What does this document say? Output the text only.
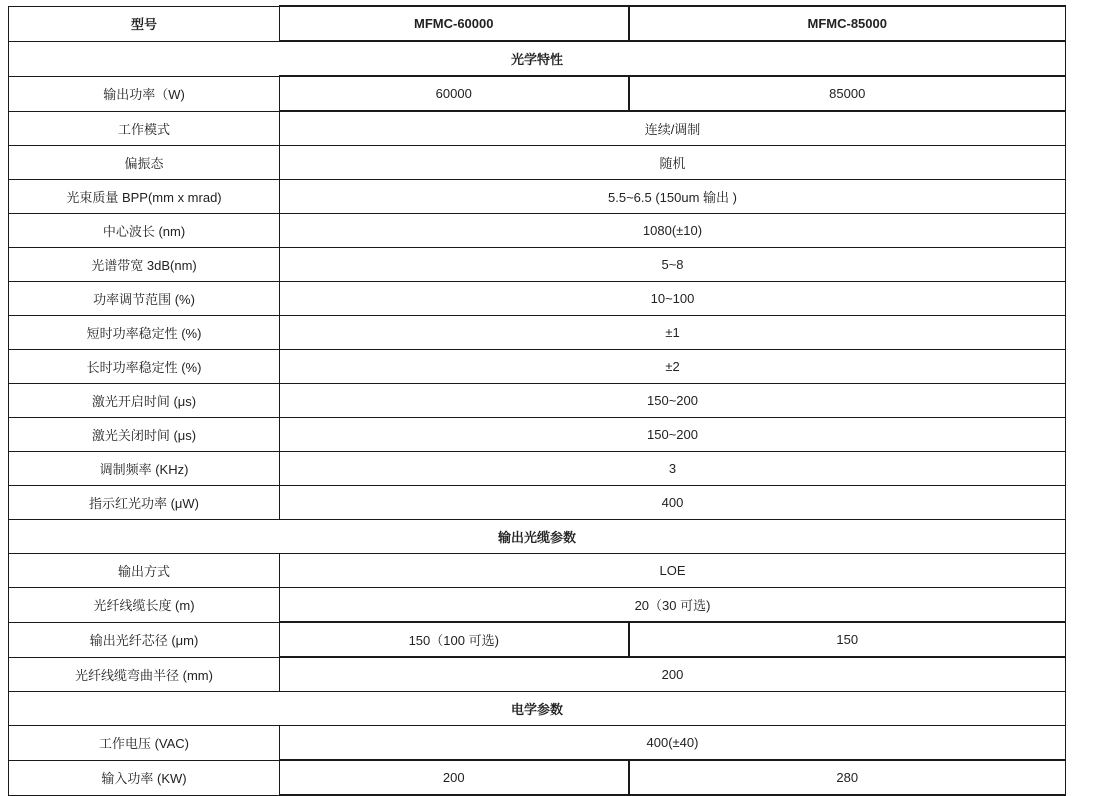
型号	MFMC-60000	MFMC-85000
光学特性		
输出功率（W)	60000	85000
工作模式	连续/调制	
偏振态	随机	
光束质量 BPP(mm x mrad)	5.5~6.5 (150um 输出 )	
中心波长 (nm)	1080(±10)	
光谱带宽 3dB(nm)	5~8	
功率调节范围 (%)	10~100	
短时功率稳定性 (%)	±1	
长时功率稳定性 (%)	±2	
激光开启时间 (μs)	150~200	
激光关闭时间 (μs)	150~200	
调制频率 (KHz)	3	
指示红光功率 (μW)	400	
输出光缆参数		
输出方式	LOE	
光纤线缆长度 (m)	20（30 可选)	
输出光纤芯径 (μm)	150（100 可选)	150
光纤线缆弯曲半径 (mm)	200	
电学参数		
工作电压 (VAC)	400(±40)	
输入功率 (KW)	200	280
